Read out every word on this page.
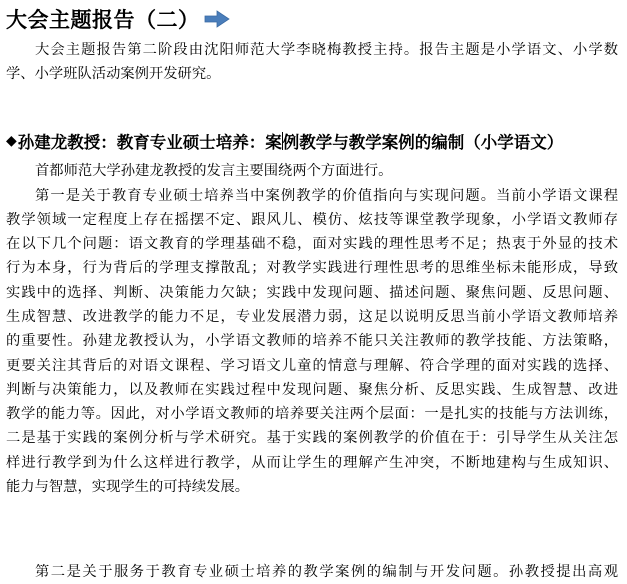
大会主题报告（二）
大会主题报告第二阶段由沈阳师范大学李晓梅教授主持。报告主题是小学语文、小学数
学、小学班队活动案例开发研究。
◆ 孙建龙教授： 教育专业硕士培养：案 例教学与教学案例的编制（小学语文）
首都师范大学孙建龙教授的发言主要围绕两个方面进行。
第一是关于教育专业硕士培养当中案例教学的价值指向与实现问题。当前小学语文课程
教学领域一定程度上存在摇摆不定、跟风儿、模仿、炫技等课堂教学现象，小学语文教师存
在以下几个问题：语文教育的学理基础不稳，面对实践的理性思考不足；热衷于外显的技术
行为本身，行为背后的学理支撑散乱；对教学实践进行理性思考的思维坐标未能形成，导致
实践中的选择、判断、决策能力欠缺；实践中发现问题、描述问题、聚焦问题、反思问题、
生成智慧、改进教学的能力不足，专业发展潜力弱，这足以说明反思当前小学语文教师培养
的重要性。孙建龙教授认为，小学语文教师的培养不能只关注教师的教学技能、方法策略，
更要关注其背后的对语文课程、学习语文儿童的情意与理解、符合学理的面对实践的选择、
判断与决策能力，以及教师在实践过程中发现问题、聚焦分析、反思实践、生成智慧、改进
教学的能力等。因此，对小学语文教师的培养要关注两个层面：一是扎实的技能与方法训练，
二是基于实践的案例分析与学术研究。基于实践的案例教学的价值在于：引导学生从关注怎
样进行教学到为什么这样进行教学，从而让学生的理解产生冲突，不断地建构与生成知识、
能力与智慧，实现学生的可持续发展。
第二是关于服务于教育专业硕士培养的教学案例的编制与开发问题。孙教授提出高观
